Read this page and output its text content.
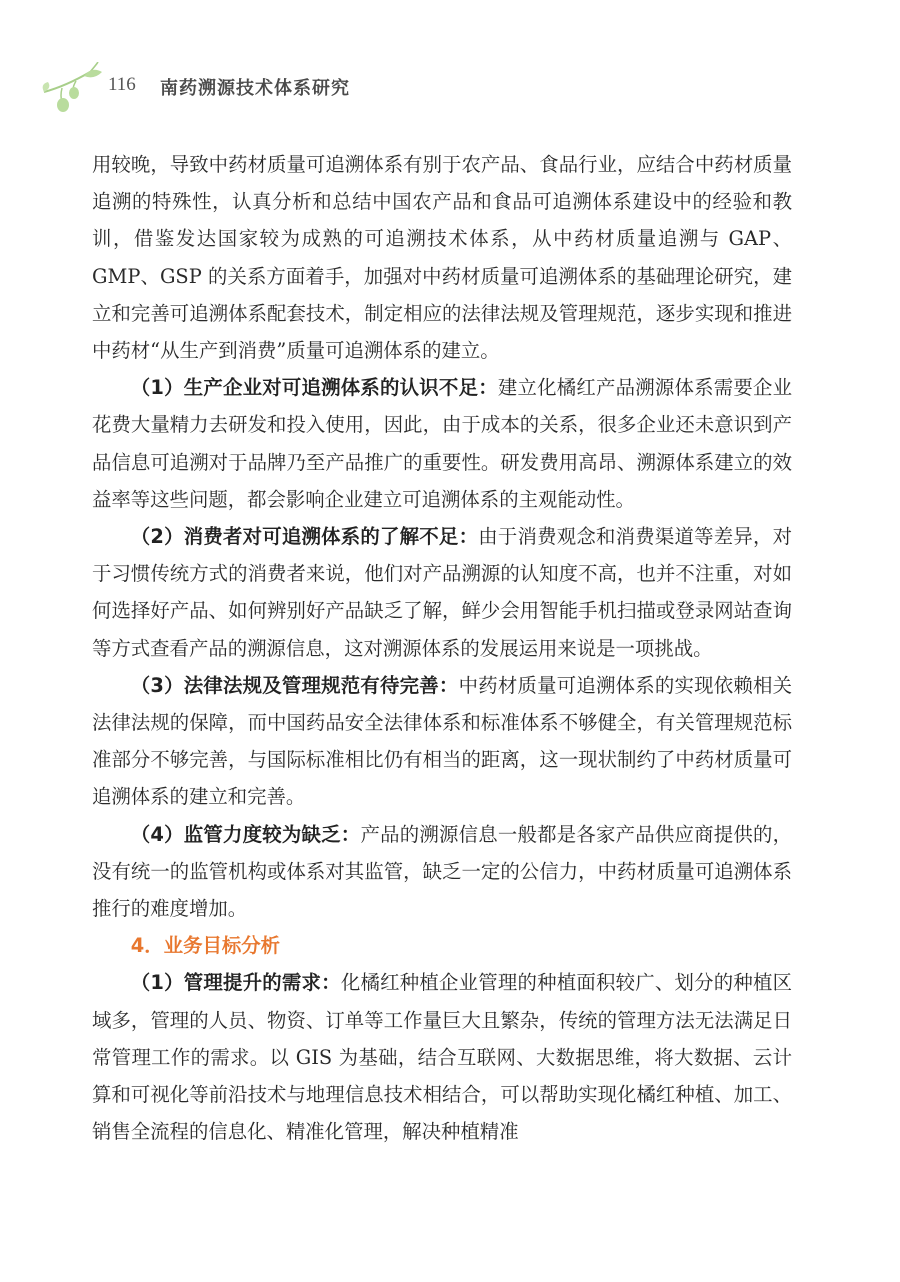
116 南药溯源技术体系研究

用较晚，导致中药材质量可追溯体系有别于农产品、食品行业，应结合中药材质量追溯的特殊性，认真分析和总结中国农产品和食品可追溯体系建设中的经验和教训，借鉴发达国家较为成熟的可追溯技术体系，从中药材质量追溯与 GAP、GMP、GSP 的关系方面着手，加强对中药材质量可追溯体系的基础理论研究，建立和完善可追溯体系配套技术，制定相应的法律法规及管理规范，逐步实现和推进中药材“从生产到消费”质量可追溯体系的建立。

（1）生产企业对可追溯体系的认识不足：建立化橘红产品溯源体系需要企业花费大量精力去研发和投入使用，因此，由于成本的关系，很多企业还未意识到产品信息可追溯对于品牌乃至产品推广的重要性。研发费用高昂、溯源体系建立的效益率等这些问题，都会影响企业建立可追溯体系的主观能动性。

（2）消费者对可追溯体系的了解不足：由于消费观念和消费渠道等差异，对于习惯传统方式的消费者来说，他们对产品溯源的认知度不高，也并不注重，对如何选择好产品、如何辨别好产品缺乏了解，鲜少会用智能手机扫描或登录网站查询等方式查看产品的溯源信息，这对溯源体系的发展运用来说是一项挑战。

（3）法律法规及管理规范有待完善：中药材质量可追溯体系的实现依赖相关法律法规的保障，而中国药品安全法律体系和标准体系不够健全，有关管理规范标准部分不够完善，与国际标准相比仍有相当的距离，这一现状制约了中药材质量可追溯体系的建立和完善。

（4）监管力度较为缺乏：产品的溯源信息一般都是各家产品供应商提供的，没有统一的监管机构或体系对其监管，缺乏一定的公信力，中药材质量可追溯体系推行的难度增加。

4．业务目标分析

（1）管理提升的需求：化橘红种植企业管理的种植面积较广、划分的种植区域多，管理的人员、物资、订单等工作量巨大且繁杂，传统的管理方法无法满足日常管理工作的需求。以 GIS 为基础，结合互联网、大数据思维，将大数据、云计算和可视化等前沿技术与地理信息技术相结合，可以帮助实现化橘红种植、加工、销售全流程的信息化、精准化管理，解决种植精准
